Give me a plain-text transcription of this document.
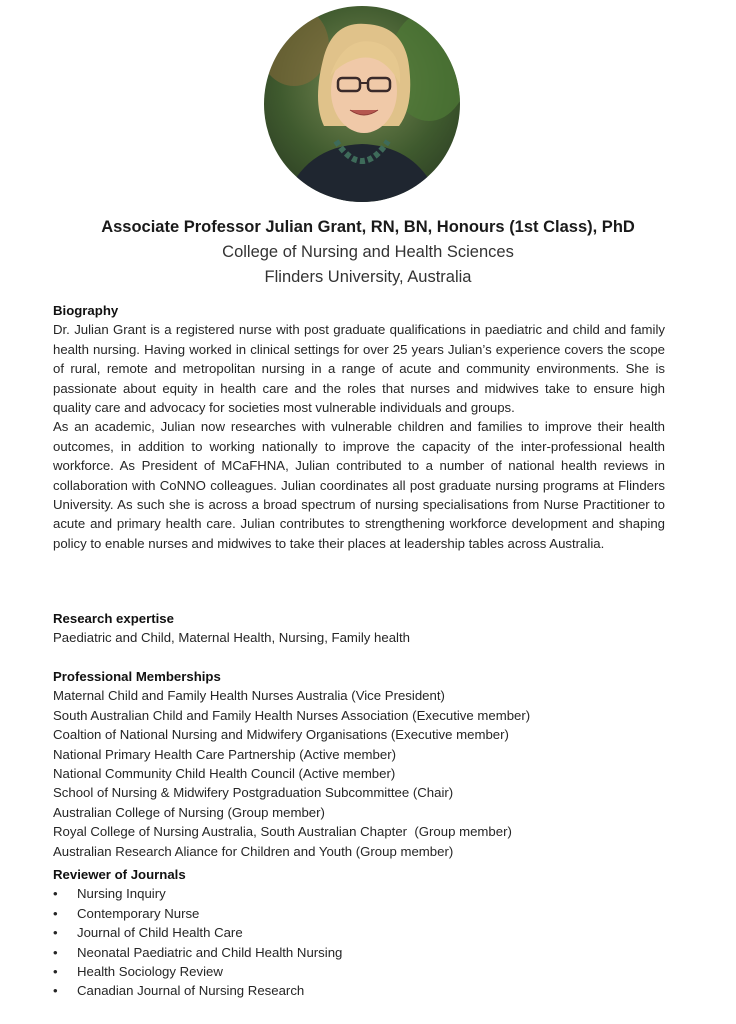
Associate Professor Julian Grant, RN, BN, Honours (1st Class), PhD
College of Nursing and Health Sciences
Flinders University, Australia
Biography

Dr. Julian Grant is a registered nurse with post graduate qualifications in paediatric and child and family health nursing. Having worked in clinical settings for over 25 years Julian’s experience covers the scope of rural, remote and metropolitan nursing in a range of acute and community environments. She is passionate about equity in health care and the roles that nurses and midwives take to ensure high quality care and advocacy for societies most vulnerable individuals and groups.

As an academic, Julian now researches with vulnerable children and families to improve their health outcomes, in addition to working nationally to improve the capacity of the inter-professional health workforce. As President of MCaFHNA, Julian contributed to a number of national health reviews in collaboration with CoNNO colleagues. Julian coordinates all post graduate nursing programs at Flinders University. As such she is across a broad spectrum of nursing specialisations from Nurse Practitioner to acute and primary health care. Julian contributes to strengthening workforce development and shaping policy to enable nurses and midwives to take their places at leadership tables across Australia.

Research expertise
Paediatric and Child, Maternal Health, Nursing, Family health
Professional Memberships
Maternal Child and Family Health Nurses Australia (Vice President)
South Australian Child and Family Health Nurses Association (Executive member)
Coaltion of National Nursing and Midwifery Organisations (Executive member)
National Primary Health Care Partnership (Active member)
National Community Child Health Council (Active member)
School of Nursing & Midwifery Postgraduation Subcommittee (Chair)
Australian College of Nursing (Group member)
Royal College of Nursing Australia, South Australian Chapter  (Group member)
Australian Research Aliance for Children and Youth (Group member)
Reviewer of Journals
• Nursing Inquiry
• Contemporary Nurse
• Journal of Child Health Care
• Neonatal Paediatric and Child Health Nursing
• Health Sociology Review
• Canadian Journal of Nursing Research
